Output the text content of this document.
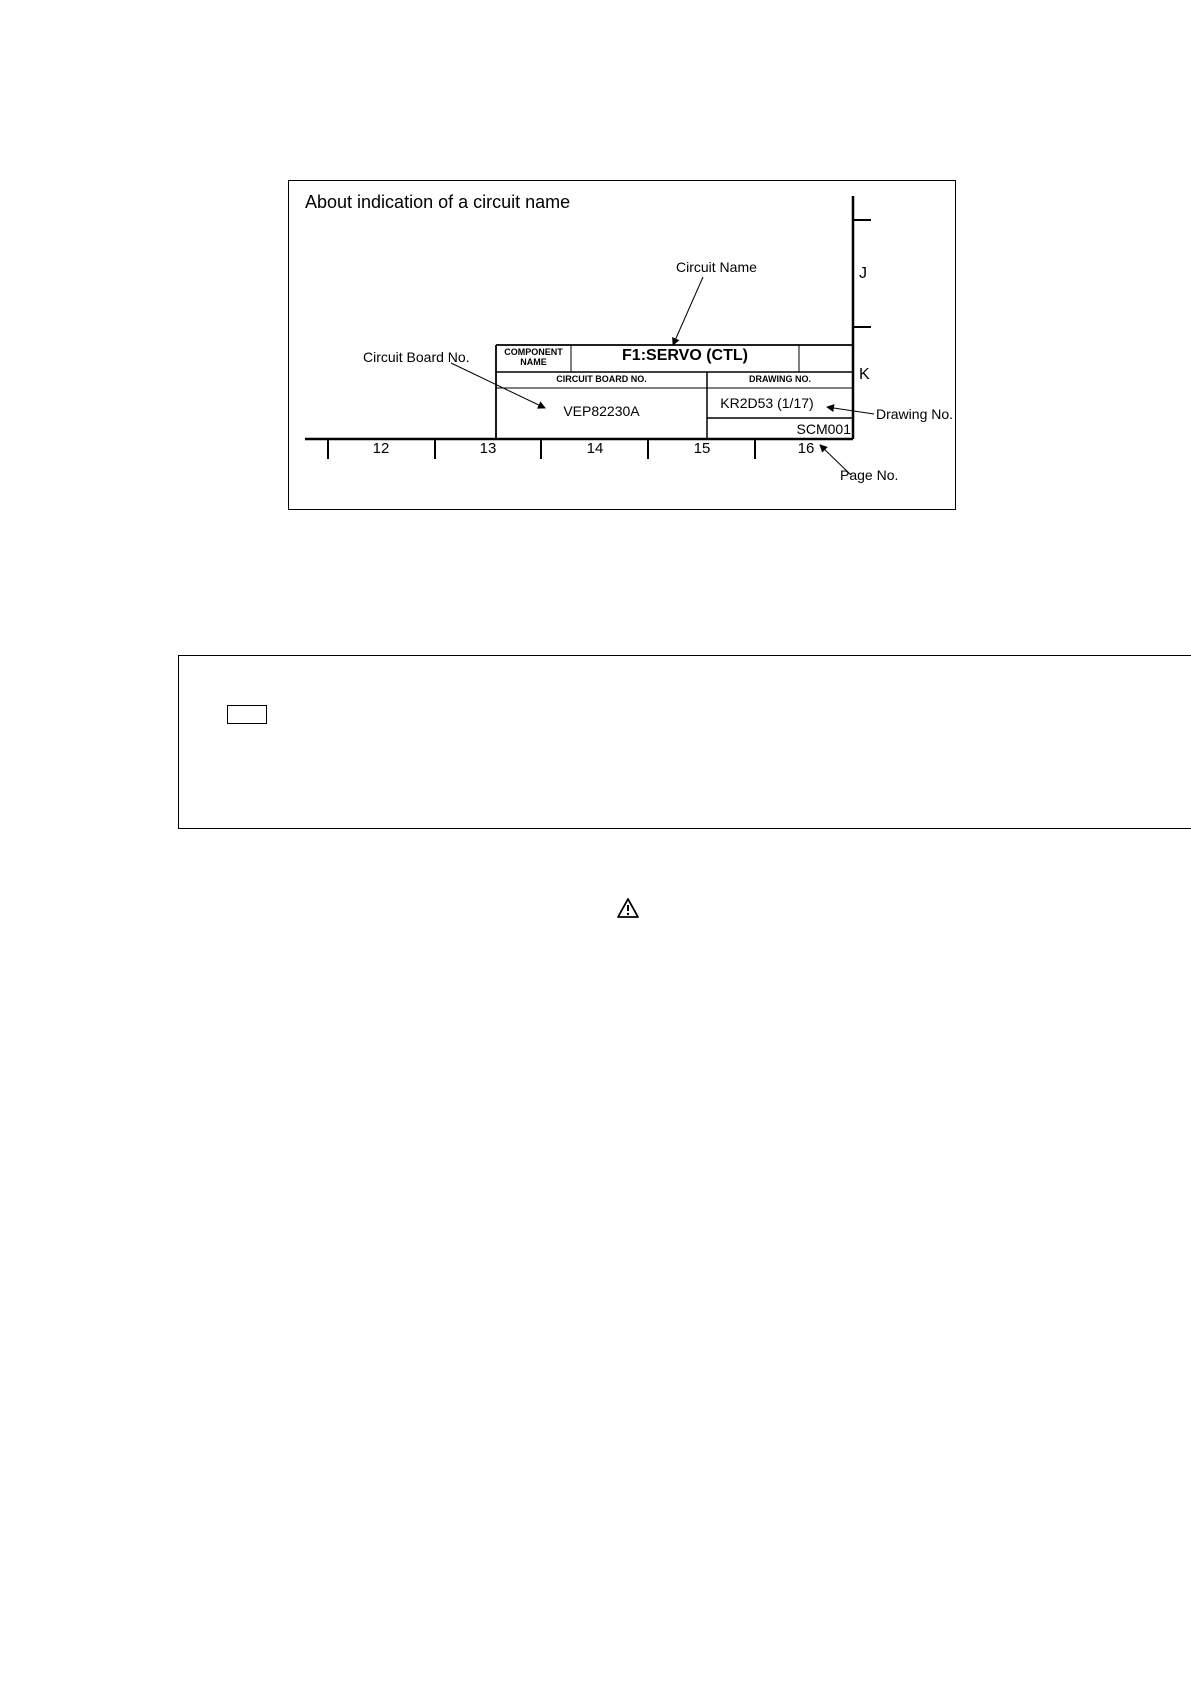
About indication of a circuit name
Circuit Name
Circuit Board No.
Drawing No.
Page No.
J
K
12	13	14	15	16
COMPONENT
NAME	F1:SERVO (CTL)
CIRCUIT BOARD NO.
VEP82230A
DRAWING NO.
KR2D53 (1/17)
SCM001
